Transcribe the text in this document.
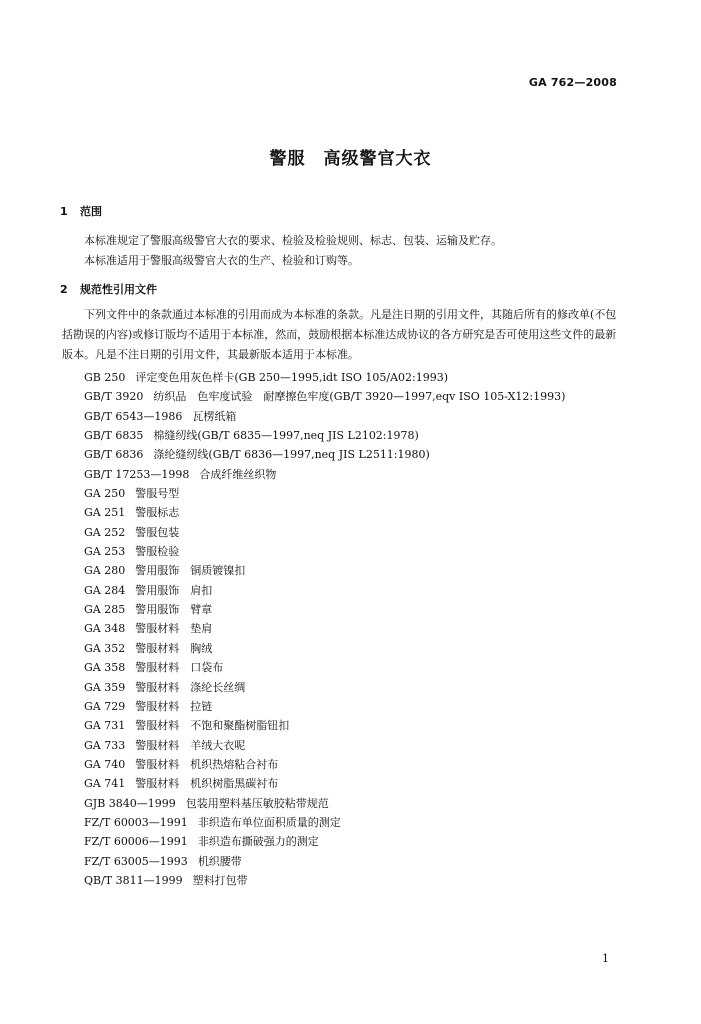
GA 762—2008
警服　高级警官大衣
1 范围
本标准规定了警服高级警官大衣的要求、检验及检验规则、标志、包装、运输及贮存。
本标准适用于警服高级警官大衣的生产、检验和订购等。
2 规范性引用文件
下列文件中的条款通过本标准的引用而成为本标准的条款。凡是注日期的引用文件，其随后所有的修改单(不包括勘误的内容)或修订版均不适用于本标准，然而，鼓励根据本标准达成协议的各方研究是否可使用这些文件的最新版本。凡是不注日期的引用文件，其最新版本适用于本标准。
GB 250 评定变色用灰色样卡(GB 250—1995,idt ISO 105/A02:1993)
GB/T 3920 纺织品　色牢度试验　耐摩擦色牢度(GB/T 3920—1997,eqv ISO 105-X12:1993)
GB/T 6543—1986 瓦楞纸箱
GB/T 6835 棉缝纫线(GB/T 6835—1997,neq JIS L2102:1978)
GB/T 6836 涤纶缝纫线(GB/T 6836—1997,neq JIS L2511:1980)
GB/T 17253—1998 合成纤维丝织物
GA 250 警服号型
GA 251 警服标志
GA 252 警服包装
GA 253 警服检验
GA 280 警用服饰　铜质镀镍扣
GA 284 警用服饰　肩扣
GA 285 警用服饰　臂章
GA 348 警服材料　垫肩
GA 352 警服材料　胸绒
GA 358 警服材料　口袋布
GA 359 警服材料　涤纶长丝绸
GA 729 警服材料　拉链
GA 731 警服材料　不饱和聚酯树脂钮扣
GA 733 警服材料　羊绒大衣呢
GA 740 警服材料　机织热熔粘合衬布
GA 741 警服材料　机织树脂黑碳衬布
GJB 3840—1999 包装用塑料基压敏胶粘带规范
FZ/T 60003—1991 非织造布单位面积质量的测定
FZ/T 60006—1991 非织造布撕破强力的测定
FZ/T 63005—1993 机织腰带
QB/T 3811—1999 塑料打包带
1
